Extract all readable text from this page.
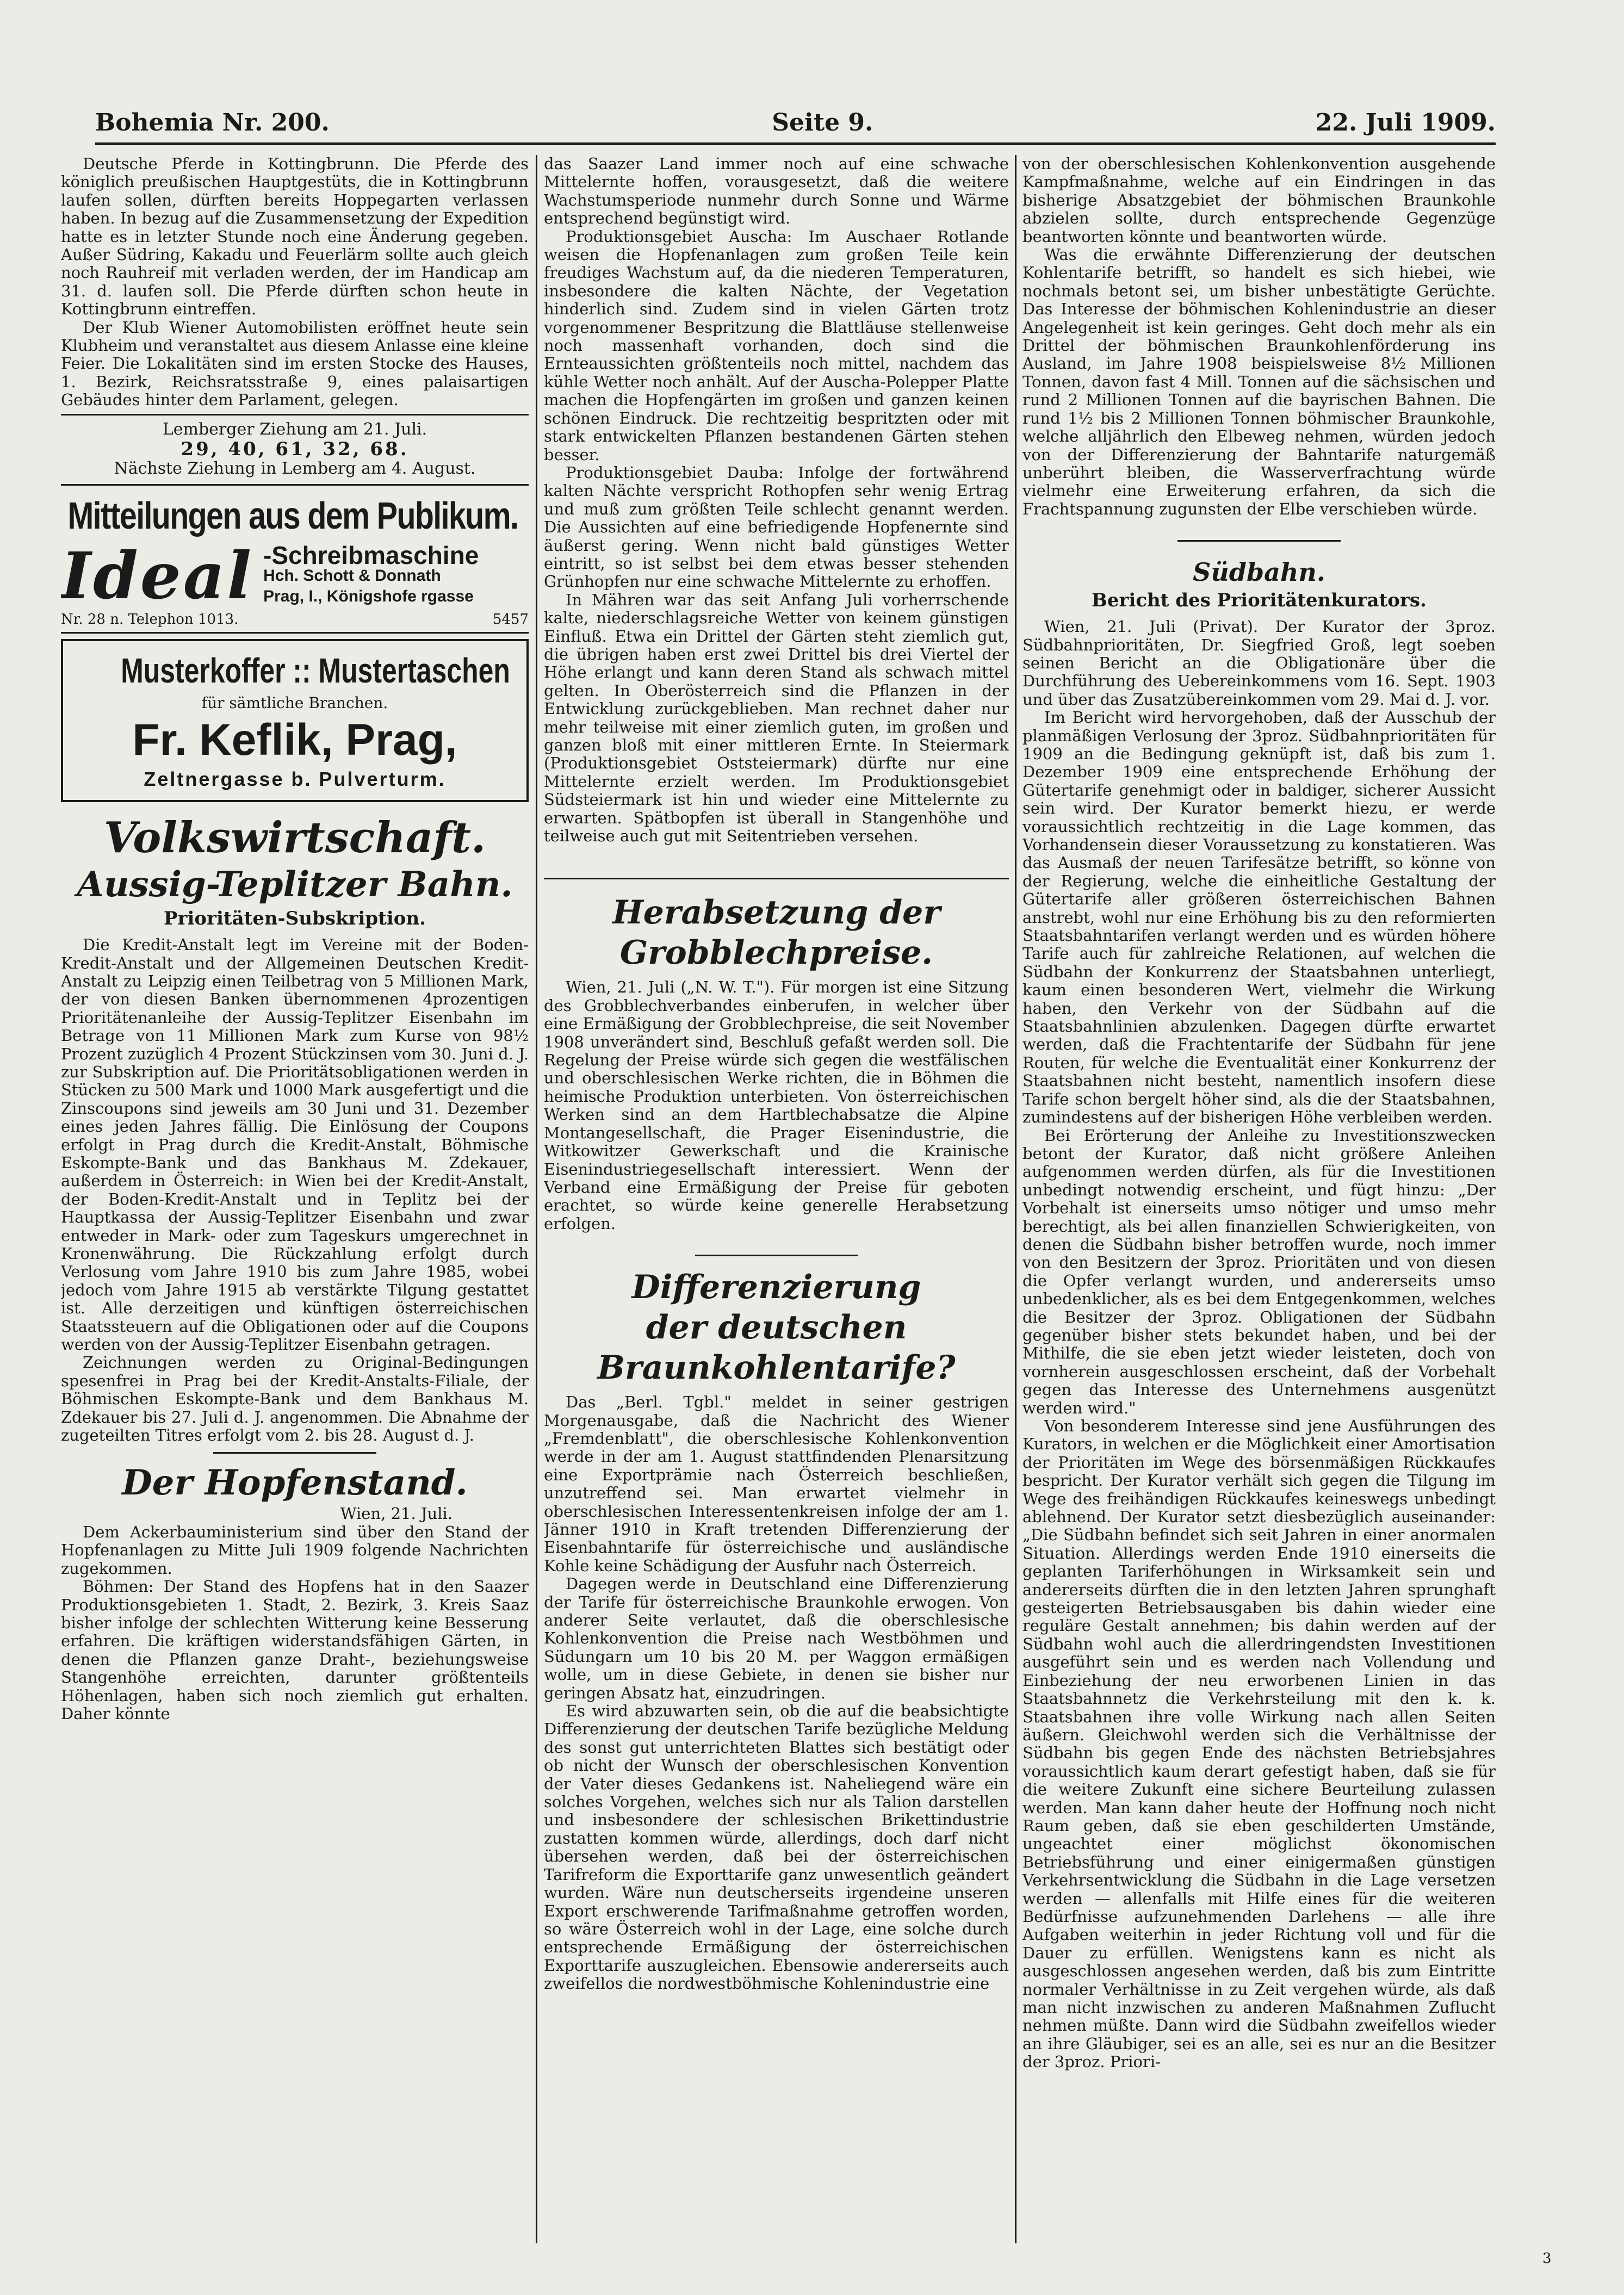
Bohemia Nr. 200.	Seite 9.	22. Juli 1909.

Deutsche Pferde in Kottingbrunn. Die Pferde des königlich preußischen Hauptgestüts, die in Kottingbrunn laufen sollen, dürften bereits Hoppegarten verlassen haben. In bezug auf die Zusammensetzung der Expedition hatte es in letzter Stunde noch eine Änderung gegeben. Außer Südring, Kakadu und Feuerlärm sollte auch gleich noch Rauhreif mit verladen werden, der im Handicap am 31. d. laufen soll. Die Pferde dürften schon heute in Kottingbrunn eintreffen.

Der Klub Wiener Automobilisten eröffnet heute sein Klubheim und veranstaltet aus diesem Anlasse eine kleine Feier. Die Lokalitäten sind im ersten Stocke des Hauses, 1. Bezirk, Reichsratsstraße 9, eines palaisartigen Gebäudes hinter dem Parlament, gelegen.

Lemberger Ziehung am 21. Juli.
29, 40, 61, 32, 68.
Nächste Ziehung in Lemberg am 4. August.
Mitteilungen aus dem Publikum.
Ideal -Schreibmaschine
Hch. Schott & Donnath
Prag, I., Königshofe rgasse
Nr. 28 n. Telephon 1013.	5457
Musterkoffer :: Mustertaschen
für sämtliche Branchen.
Fr. Keflik, Prag,
Zeltnergasse b. Pulverturm.
Volkswirtschaft.
Aussig-Teplitzer Bahn.
Prioritäten-Subskription.

Die Kredit-Anstalt legt im Vereine mit der Boden-Kredit-Anstalt und der Allgemeinen Deutschen Kredit-Anstalt zu Leipzig einen Teilbetrag von 5 Millionen Mark, der von diesen Banken übernommenen 4prozentigen Prioritätenanleihe der Aussig-Teplitzer Eisenbahn im Betrage von 11 Millionen Mark zum Kurse von 98½ Prozent zuzüglich 4 Prozent Stückzinsen vom 30. Juni d. J. zur Subskription auf. Die Prioritätsobligationen werden in Stücken zu 500 Mark und 1000 Mark ausgefertigt und die Zinscoupons sind jeweils am 30 Juni und 31. Dezember eines jeden Jahres fällig. Die Einlösung der Coupons erfolgt in Prag durch die Kredit-Anstalt, Böhmische Eskompte-Bank und das Bankhaus M. Zdekauer, außerdem in Österreich: in Wien bei der Kredit-Anstalt, der Boden-Kredit-Anstalt und in Teplitz bei der Hauptkassa der Aussig-Teplitzer Eisenbahn und zwar entweder in Mark- oder zum Tageskurs umgerechnet in Kronenwährung. Die Rückzahlung erfolgt durch Verlosung vom Jahre 1910 bis zum Jahre 1985, wobei jedoch vom Jahre 1915 ab verstärkte Tilgung gestattet ist. Alle derzeitigen und künftigen österreichischen Staatssteuern auf die Obligationen oder auf die Coupons werden von der Aussig-Teplitzer Eisenbahn getragen.

Zeichnungen werden zu Original-Bedingungen spesenfrei in Prag bei der Kredit-Anstalts-Filiale, der Böhmischen Eskompte-Bank und dem Bankhaus M. Zdekauer bis 27. Juli d. J. angenommen. Die Abnahme der zugeteilten Titres erfolgt vom 2. bis 28. August d. J.

Der Hopfenstand.
Wien, 21. Juli.

Dem Ackerbauministerium sind über den Stand der Hopfenanlagen zu Mitte Juli 1909 folgende Nachrichten zugekommen.

Böhmen: Der Stand des Hopfens hat in den Saazer Produktionsgebieten 1. Stadt, 2. Bezirk, 3. Kreis Saaz bisher infolge der schlechten Witterung keine Besserung erfahren. Die kräftigen widerstandsfähigen Gärten, in denen die Pflanzen ganze Draht-, beziehungsweise Stangenhöhe erreichten, darunter größtenteils Höhenlagen, haben sich noch ziemlich gut erhalten. Daher könnte

das Saazer Land immer noch auf eine schwache Mittelernte hoffen, vorausgesetzt, daß die weitere Wachstumsperiode nunmehr durch Sonne und Wärme entsprechend begünstigt wird.

Produktionsgebiet Auscha: Im Auschaer Rotlande weisen die Hopfenanlagen zum großen Teile kein freudiges Wachstum auf, da die niederen Temperaturen, insbesondere die kalten Nächte, der Vegetation hinderlich sind. Zudem sind in vielen Gärten trotz vorgenommener Bespritzung die Blattläuse stellenweise noch massenhaft vorhanden, doch sind die Ernteaussichten größtenteils noch mittel, nachdem das kühle Wetter noch anhält. Auf der Auscha-Polepper Platte machen die Hopfengärten im großen und ganzen keinen schönen Eindruck. Die rechtzeitig bespritzten oder mit stark entwickelten Pflanzen bestandenen Gärten stehen besser.

Produktionsgebiet Dauba: Infolge der fortwährend kalten Nächte verspricht Rothopfen sehr wenig Ertrag und muß zum größten Teile schlecht genannt werden. Die Aussichten auf eine befriedigende Hopfenernte sind äußerst gering. Wenn nicht bald günstiges Wetter eintritt, so ist selbst bei dem etwas besser stehenden Grünhopfen nur eine schwache Mittelernte zu erhoffen.

In Mähren war das seit Anfang Juli vorherrschende kalte, niederschlagsreiche Wetter von keinem günstigen Einfluß. Etwa ein Drittel der Gärten steht ziemlich gut, die übrigen haben erst zwei Drittel bis drei Viertel der Höhe erlangt und kann deren Stand als schwach mittel gelten. In Oberösterreich sind die Pflanzen in der Entwicklung zurückgeblieben. Man rechnet daher nur mehr teilweise mit einer ziemlich guten, im großen und ganzen bloß mit einer mittleren Ernte. In Steiermark (Produktionsgebiet Oststeiermark) dürfte nur eine Mittelernte erzielt werden. Im Produktionsgebiet Südsteiermark ist hin und wieder eine Mittelernte zu erwarten. Spätbopfen ist überall in Stangenhöhe und teilweise auch gut mit Seitentrieben versehen.

Herabsetzung der Grobblechpreise.

Wien, 21. Juli („N. W. T."). Für morgen ist eine Sitzung des Grobblechverbandes einberufen, in welcher über eine Ermäßigung der Grobblechpreise, die seit November 1908 unverändert sind, Beschluß gefaßt werden soll. Die Regelung der Preise würde sich gegen die westfälischen und oberschlesischen Werke richten, die in Böhmen die heimische Produktion unterbieten. Von österreichischen Werken sind an dem Hartblechabsatze die Alpine Montangesellschaft, die Prager Eisenindustrie, die Witkowitzer Gewerkschaft und die Krainische Eisenindustriegesellschaft interessiert. Wenn der Verband eine Ermäßigung der Preise für geboten erachtet, so würde keine generelle Herabsetzung erfolgen.

Differenzierung
der deutschen Braunkohlentarife?

Das „Berl. Tgbl." meldet in seiner gestrigen Morgenausgabe, daß die Nachricht des Wiener „Fremdenblatt", die oberschlesische Kohlenkonvention werde in der am 1. August stattfindenden Plenarsitzung eine Exportprämie nach Österreich beschließen, unzutreffend sei. Man erwartet vielmehr in oberschlesischen Interessentenkreisen infolge der am 1. Jänner 1910 in Kraft tretenden Differenzierung der Eisenbahntarife für österreichische und ausländische Kohle keine Schädigung der Ausfuhr nach Österreich.

Dagegen werde in Deutschland eine Differenzierung der Tarife für österreichische Braunkohle erwogen. Von anderer Seite verlautet, daß die oberschlesische Kohlenkonvention die Preise nach Westböhmen und Südungarn um 10 bis 20 M. per Waggon ermäßigen wolle, um in diese Gebiete, in denen sie bisher nur geringen Absatz hat, einzudringen.

Es wird abzuwarten sein, ob die auf die beabsichtigte Differenzierung der deutschen Tarife bezügliche Meldung des sonst gut unterrichteten Blattes sich bestätigt oder ob nicht der Wunsch der oberschlesischen Konvention der Vater dieses Gedankens ist. Naheliegend wäre ein solches Vorgehen, welches sich nur als Talion darstellen und insbesondere der schlesischen Brikettindustrie zustatten kommen würde, allerdings, doch darf nicht übersehen werden, daß bei der österreichischen Tarifreform die Exporttarife ganz unwesentlich geändert wurden. Wäre nun deutscherseits irgendeine unseren Export erschwerende Tarifmaßnahme getroffen worden, so wäre Österreich wohl in der Lage, eine solche durch entsprechende Ermäßigung der österreichischen Exporttarife auszugleichen. Ebensowie andererseits auch zweifellos die nordwestböhmische Kohlenindustrie eine

von der oberschlesischen Kohlenkonvention ausgehende Kampfmaßnahme, welche auf ein Eindringen in das bisherige Absatzgebiet der böhmischen Braunkohle abzielen sollte, durch entsprechende Gegenzüge beantworten könnte und beantworten würde.

Was die erwähnte Differenzierung der deutschen Kohlentarife betrifft, so handelt es sich hiebei, wie nochmals betont sei, um bisher unbestätigte Gerüchte. Das Interesse der böhmischen Kohlenindustrie an dieser Angelegenheit ist kein geringes. Geht doch mehr als ein Drittel der böhmischen Braunkohlenförderung ins Ausland, im Jahre 1908 beispielsweise 8½ Millionen Tonnen, davon fast 4 Mill. Tonnen auf die sächsischen und rund 2 Millionen Tonnen auf die bayrischen Bahnen. Die rund 1½ bis 2 Millionen Tonnen böhmischer Braunkohle, welche alljährlich den Elbeweg nehmen, würden jedoch von der Differenzierung der Bahntarife naturgemäß unberührt bleiben, die Wasserverfrachtung würde vielmehr eine Erweiterung erfahren, da sich die Frachtspannung zugunsten der Elbe verschieben würde.

Südbahn.
Bericht des Prioritätenkurators.

Wien, 21. Juli (Privat). Der Kurator der 3proz. Südbahnprioritäten, Dr. Siegfried Groß, legt soeben seinen Bericht an die Obligationäre über die Durchführung des Uebereinkommens vom 16. Sept. 1903 und über das Zusatzübereinkommen vom 29. Mai d. J. vor.

Im Bericht wird hervorgehoben, daß der Ausschub der planmäßigen Verlosung der 3proz. Südbahnprioritäten für 1909 an die Bedingung geknüpft ist, daß bis zum 1. Dezember 1909 eine entsprechende Erhöhung der Gütertarife genehmigt oder in baldiger, sicherer Aussicht sein wird. Der Kurator bemerkt hiezu, er werde voraussichtlich rechtzeitig in die Lage kommen, das Vorhandensein dieser Voraussetzung zu konstatieren. Was das Ausmaß der neuen Tarifesätze betrifft, so könne von der Regierung, welche die einheitliche Gestaltung der Gütertarife aller größeren österreichischen Bahnen anstrebt, wohl nur eine Erhöhung bis zu den reformierten Staatsbahntarifen verlangt werden und es würden höhere Tarife auch für zahlreiche Relationen, auf welchen die Südbahn der Konkurrenz der Staatsbahnen unterliegt, kaum einen besonderen Wert, vielmehr die Wirkung haben, den Verkehr von der Südbahn auf die Staatsbahnlinien abzulenken. Dagegen dürfte erwartet werden, daß die Frachtentarife der Südbahn für jene Routen, für welche die Eventualität einer Konkurrenz der Staatsbahnen nicht besteht, namentlich insofern diese Tarife schon bergelt höher sind, als die der Staatsbahnen, zumindestens auf der bisherigen Höhe verbleiben werden.

Bei Erörterung der Anleihe zu Investitionszwecken betont der Kurator, daß nicht größere Anleihen aufgenommen werden dürfen, als für die Investitionen unbedingt notwendig erscheint, und fügt hinzu: „Der Vorbehalt ist einerseits umso nötiger und umso mehr berechtigt, als bei allen finanziellen Schwierigkeiten, von denen die Südbahn bisher betroffen wurde, noch immer von den Besitzern der 3proz. Prioritäten und von diesen die Opfer verlangt wurden, und andererseits umso unbedenklicher, als es bei dem Entgegenkommen, welches die Besitzer der 3proz. Obligationen der Südbahn gegenüber bisher stets bekundet haben, und bei der Mithilfe, die sie eben jetzt wieder leisteten, doch von vornherein ausgeschlossen erscheint, daß der Vorbehalt gegen das Interesse des Unternehmens ausgenützt werden wird."

Von besonderem Interesse sind jene Ausführungen des Kurators, in welchen er die Möglichkeit einer Amortisation der Prioritäten im Wege des börsenmäßigen Rückkaufes bespricht. Der Kurator verhält sich gegen die Tilgung im Wege des freihändigen Rückkaufes keineswegs unbedingt ablehnend. Der Kurator setzt diesbezüglich auseinander: „Die Südbahn befindet sich seit Jahren in einer anormalen Situation. Allerdings werden Ende 1910 einerseits die geplanten Tariferhöhungen in Wirksamkeit sein und andererseits dürften die in den letzten Jahren sprunghaft gesteigerten Betriebsausgaben bis dahin wieder eine reguläre Gestalt annehmen; bis dahin werden auf der Südbahn wohl auch die allerdringendsten Investitionen ausgeführt sein und es werden nach Vollendung und Einbeziehung der neu erworbenen Linien in das Staatsbahnnetz die Verkehrsteilung mit den k. k. Staatsbahnen ihre volle Wirkung nach allen Seiten äußern. Gleichwohl werden sich die Verhältnisse der Südbahn bis gegen Ende des nächsten Betriebsjahres voraussichtlich kaum derart gefestigt haben, daß sie für die weitere Zukunft eine sichere Beurteilung zulassen werden. Man kann daher heute der Hoffnung noch nicht Raum geben, daß sie eben geschilderten Umstände, ungeachtet einer möglichst ökonomischen Betriebsführung und einer einigermaßen günstigen Verkehrsentwicklung die Südbahn in die Lage versetzen werden — allenfalls mit Hilfe eines für die weiteren Bedürfnisse aufzunehmenden Darlehens — alle ihre Aufgaben weiterhin in jeder Richtung voll und für die Dauer zu erfüllen. Wenigstens kann es nicht als ausgeschlossen angesehen werden, daß bis zum Eintritte normaler Verhältnisse in zu Zeit vergehen würde, als daß man nicht inzwischen zu anderen Maßnahmen Zuflucht nehmen müßte. Dann wird die Südbahn zweifellos wieder an ihre Gläubiger, sei es an alle, sei es nur an die Besitzer der 3proz. Priori-

3
